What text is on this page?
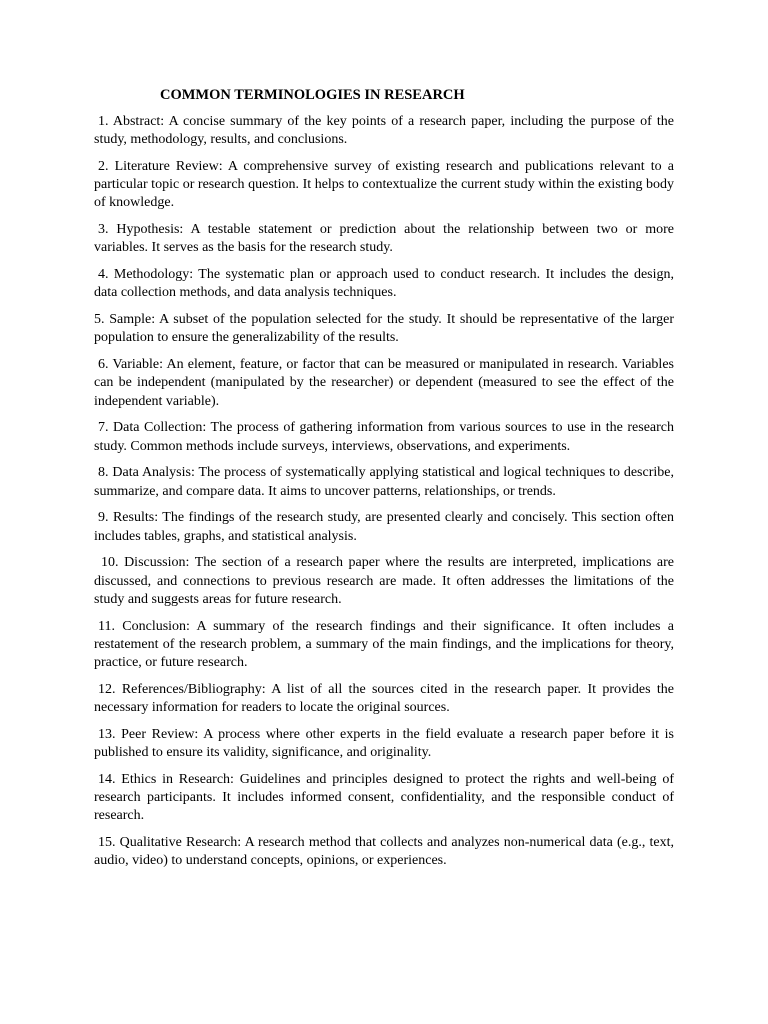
COMMON TERMINOLOGIES IN RESEARCH

1. Abstract: A concise summary of the key points of a research paper, including the purpose of the study, methodology, results, and conclusions.

2. Literature Review: A comprehensive survey of existing research and publications relevant to a particular topic or research question. It helps to contextualize the current study within the existing body of knowledge.

3. Hypothesis: A testable statement or prediction about the relationship between two or more variables. It serves as the basis for the research study.

4. Methodology: The systematic plan or approach used to conduct research. It includes the design, data collection methods, and data analysis techniques.

5. Sample: A subset of the population selected for the study. It should be representative of the larger population to ensure the generalizability of the results.

6. Variable: An element, feature, or factor that can be measured or manipulated in research. Variables can be independent (manipulated by the researcher) or dependent (measured to see the effect of the independent variable).

7. Data Collection: The process of gathering information from various sources to use in the research study. Common methods include surveys, interviews, observations, and experiments.

8. Data Analysis: The process of systematically applying statistical and logical techniques to describe, summarize, and compare data. It aims to uncover patterns, relationships, or trends.

9. Results: The findings of the research study, are presented clearly and concisely. This section often includes tables, graphs, and statistical analysis.

10. Discussion: The section of a research paper where the results are interpreted, implications are discussed, and connections to previous research are made. It often addresses the limitations of the study and suggests areas for future research.

11. Conclusion: A summary of the research findings and their significance. It often includes a restatement of the research problem, a summary of the main findings, and the implications for theory, practice, or future research.

12. References/Bibliography: A list of all the sources cited in the research paper. It provides the necessary information for readers to locate the original sources.

13. Peer Review: A process where other experts in the field evaluate a research paper before it is published to ensure its validity, significance, and originality.

14. Ethics in Research: Guidelines and principles designed to protect the rights and well-being of research participants. It includes informed consent, confidentiality, and the responsible conduct of research.

15. Qualitative Research: A research method that collects and analyzes non-numerical data (e.g., text, audio, video) to understand concepts, opinions, or experiences.
